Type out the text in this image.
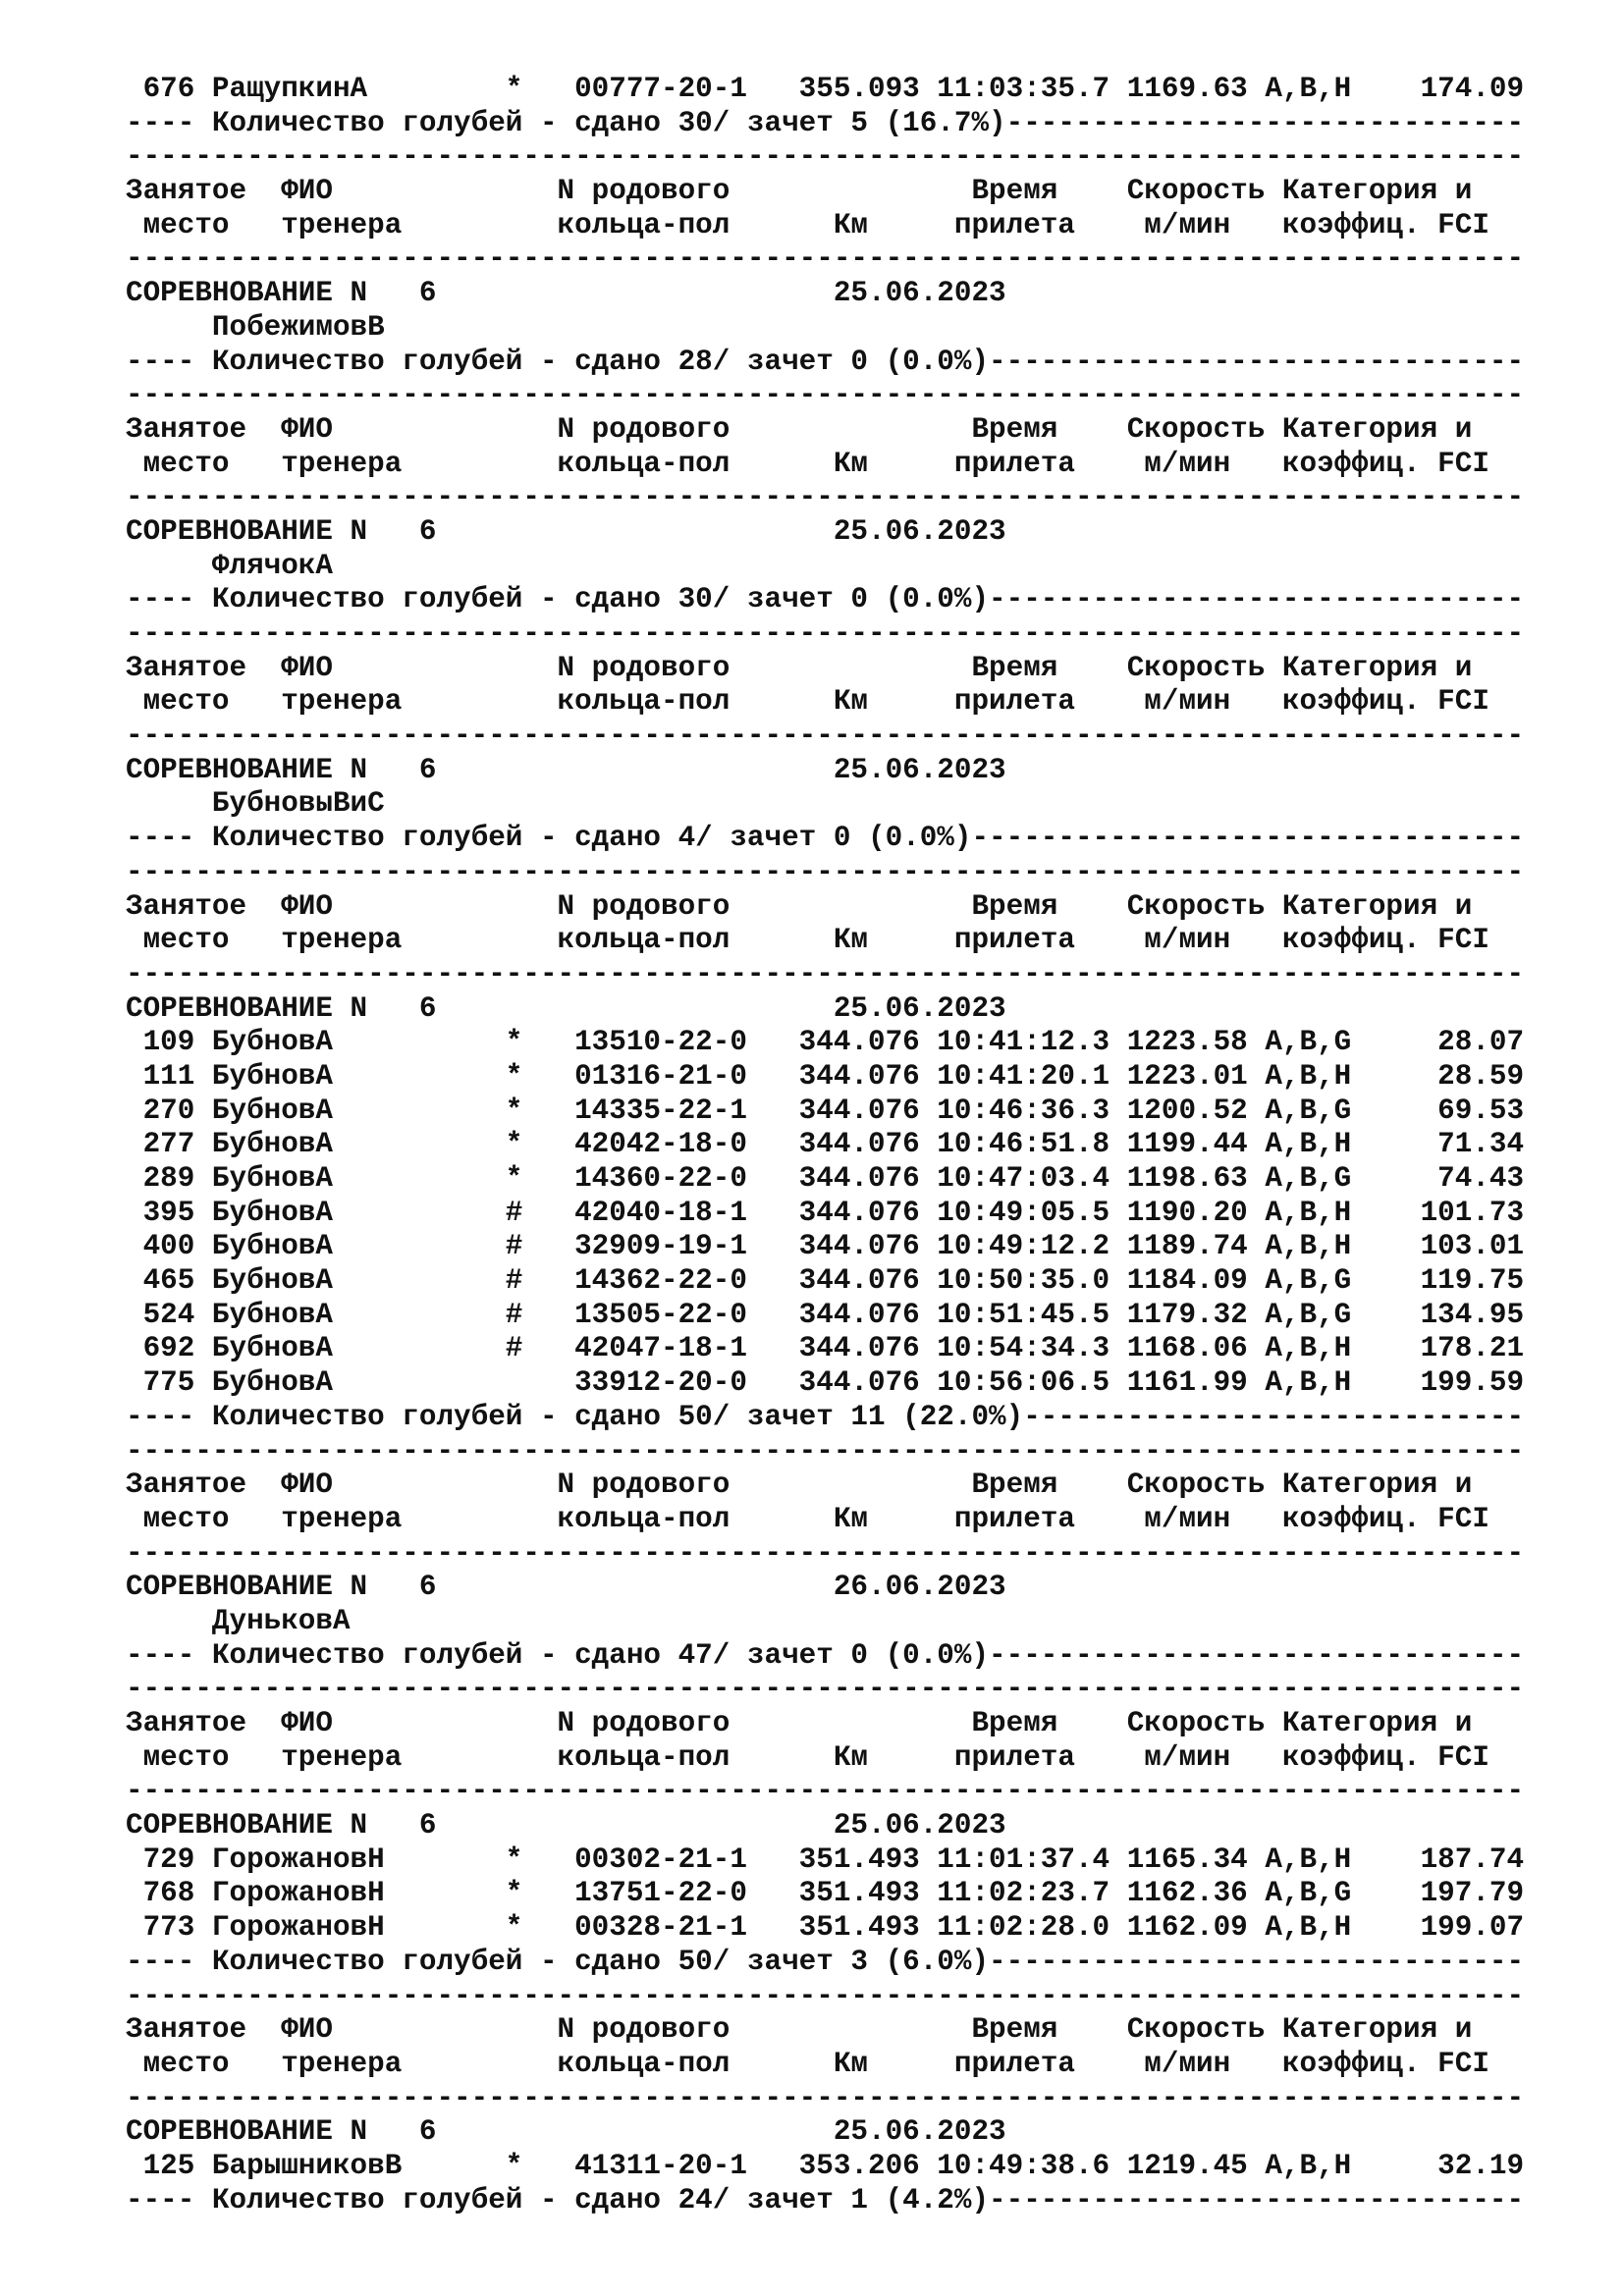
676 РащупкинА        *   00777-20-1   355.093 11:03:35.7 1169.63 A,B,H    174.09
---- Количество голубей - сдано 30/ зачет 5 (16.7%)------------------------------
---------------------------------------------------------------------------------
Занятое  ФИО             N родового              Время    Скорость Категория и
место   тренера         кольца-пол      Км     прилета    м/мин   коэффиц. FCI
---------------------------------------------------------------------------------
СОРЕВНОВАНИЕ N   6                       25.06.2023
ПобежимовВ
---- Количество голубей - сдано 28/ зачет 0 (0.0%)-------------------------------
---------------------------------------------------------------------------------
Занятое  ФИО             N родового              Время    Скорость Категория и
место   тренера         кольца-пол      Км     прилета    м/мин   коэффиц. FCI
---------------------------------------------------------------------------------
СОРЕВНОВАНИЕ N   6                       25.06.2023
ФлячокА
---- Количество голубей - сдано 30/ зачет 0 (0.0%)-------------------------------
---------------------------------------------------------------------------------
Занятое  ФИО             N родового              Время    Скорость Категория и
место   тренера         кольца-пол      Км     прилета    м/мин   коэффиц. FCI
---------------------------------------------------------------------------------
СОРЕВНОВАНИЕ N   6                       25.06.2023
БубновыВиС
---- Количество голубей - сдано 4/ зачет 0 (0.0%)--------------------------------
---------------------------------------------------------------------------------
Занятое  ФИО             N родового              Время    Скорость Категория и
место   тренера         кольца-пол      Км     прилета    м/мин   коэффиц. FCI
---------------------------------------------------------------------------------
СОРЕВНОВАНИЕ N   6                       25.06.2023
109 БубновА          *   13510-22-0   344.076 10:41:12.3 1223.58 A,B,G     28.07
111 БубновА          *   01316-21-0   344.076 10:41:20.1 1223.01 A,B,H     28.59
270 БубновА          *   14335-22-1   344.076 10:46:36.3 1200.52 A,B,G     69.53
277 БубновА          *   42042-18-0   344.076 10:46:51.8 1199.44 A,B,H     71.34
289 БубновА          *   14360-22-0   344.076 10:47:03.4 1198.63 A,B,G     74.43
395 БубновА          #   42040-18-1   344.076 10:49:05.5 1190.20 A,B,H    101.73
400 БубновА          #   32909-19-1   344.076 10:49:12.2 1189.74 A,B,H    103.01
465 БубновА          #   14362-22-0   344.076 10:50:35.0 1184.09 A,B,G    119.75
524 БубновА          #   13505-22-0   344.076 10:51:45.5 1179.32 A,B,G    134.95
692 БубновА          #   42047-18-1   344.076 10:54:34.3 1168.06 A,B,H    178.21
775 БубновА              33912-20-0   344.076 10:56:06.5 1161.99 A,B,H    199.59
---- Количество голубей - сдано 50/ зачет 11 (22.0%)-----------------------------
---------------------------------------------------------------------------------
Занятое  ФИО             N родового              Время    Скорость Категория и
место   тренера         кольца-пол      Км     прилета    м/мин   коэффиц. FCI
---------------------------------------------------------------------------------
СОРЕВНОВАНИЕ N   6                       26.06.2023
ДуньковА
---- Количество голубей - сдано 47/ зачет 0 (0.0%)-------------------------------
---------------------------------------------------------------------------------
Занятое  ФИО             N родового              Время    Скорость Категория и
место   тренера         кольца-пол      Км     прилета    м/мин   коэффиц. FCI
---------------------------------------------------------------------------------
СОРЕВНОВАНИЕ N   6                       25.06.2023
729 ГорожановН       *   00302-21-1   351.493 11:01:37.4 1165.34 A,B,H    187.74
768 ГорожановН       *   13751-22-0   351.493 11:02:23.7 1162.36 A,B,G    197.79
773 ГорожановН       *   00328-21-1   351.493 11:02:28.0 1162.09 A,B,H    199.07
---- Количество голубей - сдано 50/ зачет 3 (6.0%)-------------------------------
---------------------------------------------------------------------------------
Занятое  ФИО             N родового              Время    Скорость Категория и
место   тренера         кольца-пол      Км     прилета    м/мин   коэффиц. FCI
---------------------------------------------------------------------------------
СОРЕВНОВАНИЕ N   6                       25.06.2023
125 БарышниковВ      *   41311-20-1   353.206 10:49:38.6 1219.45 A,B,H     32.19
---- Количество голубей - сдано 24/ зачет 1 (4.2%)-------------------------------
